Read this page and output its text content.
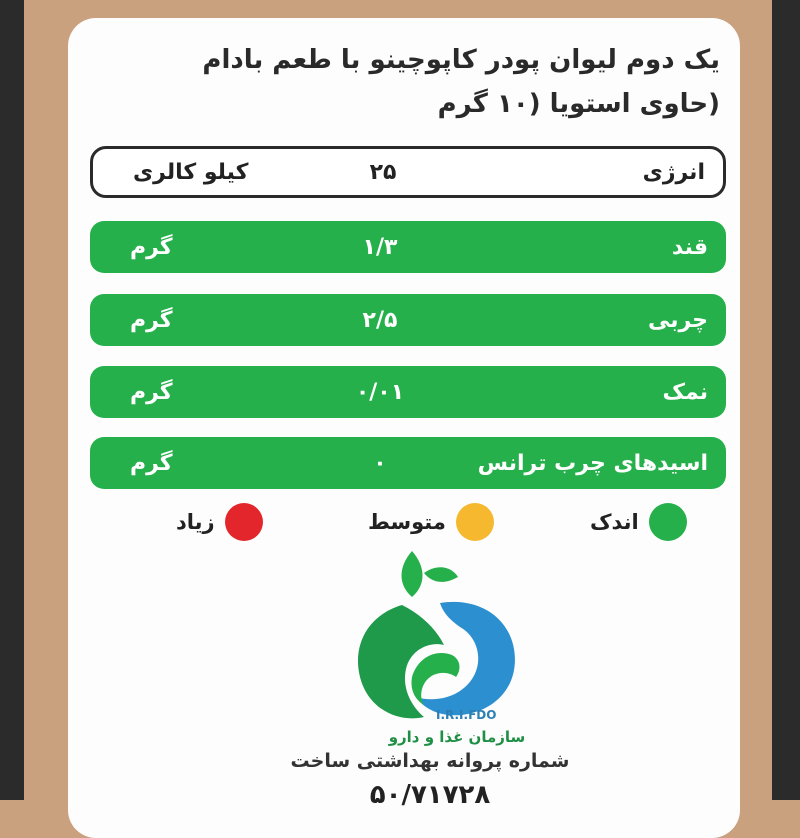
یک دوم لیوان پودر کاپوچینو با طعم بادام
(حاوی استویا (۱۰ گرم
انرژی
۲۵
کیلو کالری
قند
۱/۳
گرم
چربی
۲/۵
گرم
نمک
۰/۰۱
گرم
اسیدهای چرب ترانس
۰
گرم
اندک
متوسط
زیاد
I.R.I.FDO
سازمان غذا و دارو
شماره پروانه بهداشتی ساخت
۵۰/۷۱۷۲۸
